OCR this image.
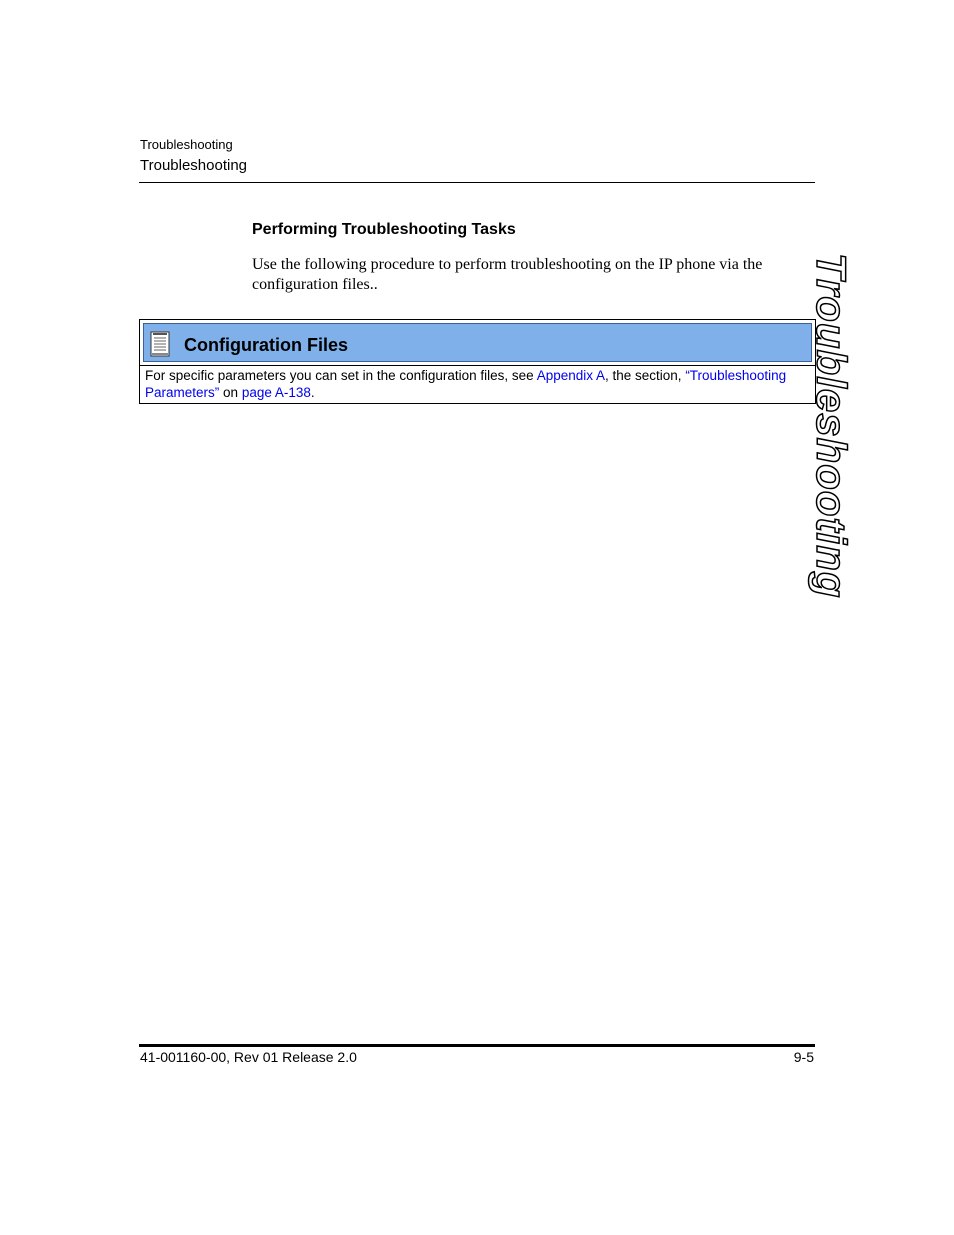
Troubleshooting
Troubleshooting
Performing Troubleshooting Tasks
Use the following procedure to perform troubleshooting on the IP phone via the configuration files..
Configuration Files
For specific parameters you can set in the configuration files, see Appendix A, the section, “Troubleshooting Parameters” on page A-138.	Troubleshooting
41-001160-00, Rev 01 Release 2.0	9-5
